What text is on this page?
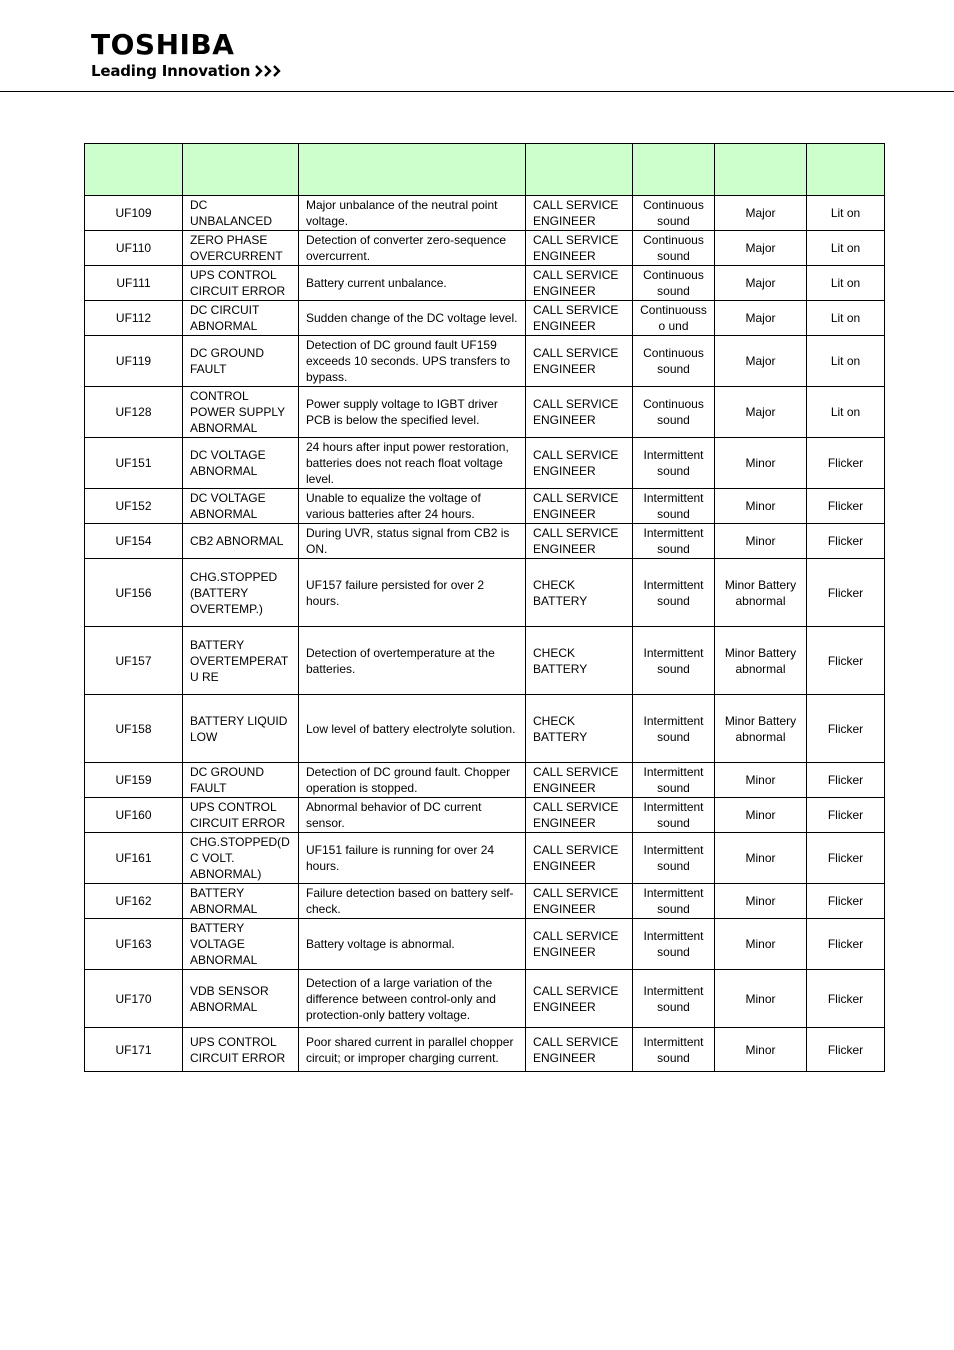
TOSHIBA
Leading Innovation

UF109	DC UNBALANCED	Major unbalance of the neutral point voltage.	CALL SERVICE ENGINEER	Continuous sound	Major	Lit on
UF110	ZERO PHASE OVERCURRENT	Detection of converter zero-sequence overcurrent.	CALL SERVICE ENGINEER	Continuous sound	Major	Lit on
UF111	UPS CONTROL CIRCUIT ERROR	Battery current unbalance.	CALL SERVICE ENGINEER	Continuous sound	Major	Lit on
UF112	DC CIRCUIT ABNORMAL	Sudden change of the DC voltage level.	CALL SERVICE ENGINEER	Continuousso und	Major	Lit on
UF119	DC GROUND FAULT	Detection of DC ground fault UF159 exceeds 10 seconds. UPS transfers to bypass.	CALL SERVICE ENGINEER	Continuous sound	Major	Lit on
UF128	CONTROL POWER SUPPLY ABNORMAL	Power supply voltage to IGBT driver PCB is below the specified level.	CALL SERVICE ENGINEER	Continuous sound	Major	Lit on
UF151	DC VOLTAGE ABNORMAL	24 hours after input power restoration, batteries does not reach float voltage level.	CALL SERVICE ENGINEER	Intermittent sound	Minor	Flicker
UF152	DC VOLTAGE ABNORMAL	Unable to equalize the voltage of various batteries after 24 hours.	CALL SERVICE ENGINEER	Intermittent sound	Minor	Flicker
UF154	CB2 ABNORMAL	During UVR, status signal from CB2 is ON.	CALL SERVICE ENGINEER	Intermittent sound	Minor	Flicker
UF156	CHG.STOPPED (BATTERY OVERTEMP.)	UF157 failure persisted for over 2 hours.	CHECK BATTERY	Intermittent sound	Minor Battery abnormal	Flicker
UF157	BATTERY OVERTEMPERATU RE	Detection of overtemperature at the batteries.	CHECK BATTERY	Intermittent sound	Minor Battery abnormal	Flicker
UF158	BATTERY LIQUID LOW	Low level of battery electrolyte solution.	CHECK BATTERY	Intermittent sound	Minor Battery abnormal	Flicker
UF159	DC GROUND FAULT	Detection of DC ground fault. Chopper operation is stopped.	CALL SERVICE ENGINEER	Intermittent sound	Minor	Flicker
UF160	UPS CONTROL CIRCUIT ERROR	Abnormal behavior of DC current sensor.	CALL SERVICE ENGINEER	Intermittent sound	Minor	Flicker
UF161	CHG.STOPPED(DC VOLT. ABNORMAL)	UF151 failure is running for over 24 hours.	CALL SERVICE ENGINEER	Intermittent sound	Minor	Flicker
UF162	BATTERY ABNORMAL	Failure detection based on battery self-check.	CALL SERVICE ENGINEER	Intermittent sound	Minor	Flicker
UF163	BATTERY VOLTAGE ABNORMAL	Battery voltage is abnormal.	CALL SERVICE ENGINEER	Intermittent sound	Minor	Flicker
UF170	VDB SENSOR ABNORMAL	Detection of a large variation of the difference between control-only and protection-only battery voltage.	CALL SERVICE ENGINEER	Intermittent sound	Minor	Flicker
UF171	UPS CONTROL CIRCUIT ERROR	Poor shared current in parallel chopper circuit; or improper charging current.	CALL SERVICE ENGINEER	Intermittent sound	Minor	Flicker
